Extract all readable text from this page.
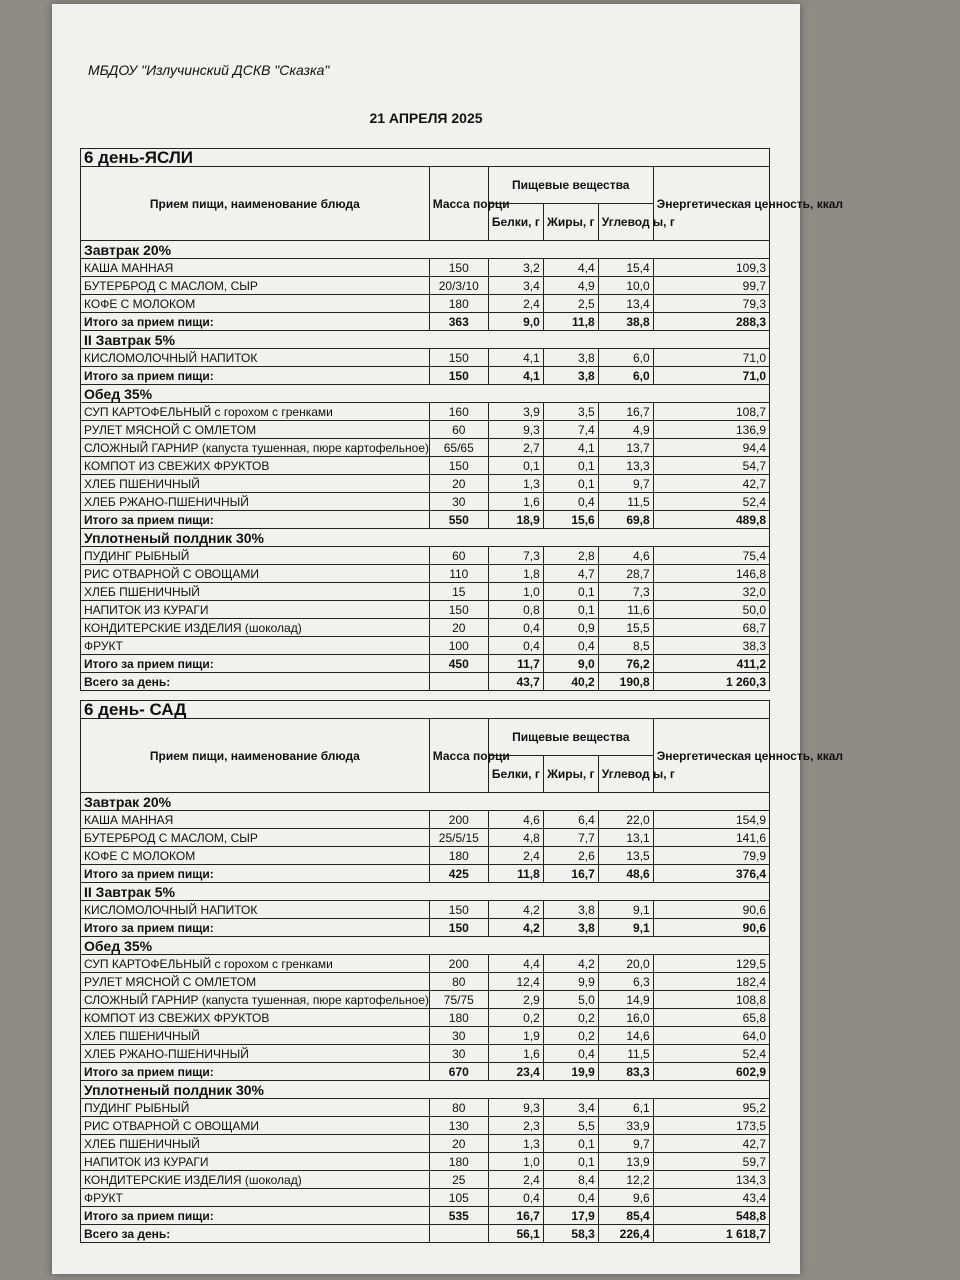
МБДОУ "Излучинский ДСКВ "Сказка"
21 АПРЕЛЯ 2025
6 день-ЯСЛИ					
Прием пищи, наименование блюда	Масса порци	Пищевые вещества			Энергетическая ценность, ккал
		Белки, г	Жиры, г	Углевод ы, г	
Завтрак 20%					
КАША МАННАЯ	150	3,2	4,4	15,4	109,3
БУТЕРБРОД С МАСЛОМ, СЫР	20/3/10	3,4	4,9	10,0	99,7
КОФЕ С МОЛОКОМ	180	2,4	2,5	13,4	79,3
Итого за прием пищи:	363	9,0	11,8	38,8	288,3
II Завтрак 5%					
КИСЛОМОЛОЧНЫЙ НАПИТОК	150	4,1	3,8	6,0	71,0
Итого за прием пищи:	150	4,1	3,8	6,0	71,0
Обед 35%					
СУП КАРТОФЕЛЬНЫЙ с горохом с гренками	160	3,9	3,5	16,7	108,7
РУЛЕТ МЯСНОЙ С ОМЛЕТОМ	60	9,3	7,4	4,9	136,9
СЛОЖНЫЙ ГАРНИР (капуста тушенная, пюре картофельное)	65/65	2,7	4,1	13,7	94,4
КОМПОТ ИЗ СВЕЖИХ ФРУКТОВ	150	0,1	0,1	13,3	54,7
ХЛЕБ ПШЕНИЧНЫЙ	20	1,3	0,1	9,7	42,7
ХЛЕБ РЖАНО-ПШЕНИЧНЫЙ	30	1,6	0,4	11,5	52,4
Итого за прием пищи:	550	18,9	15,6	69,8	489,8
Уплотненый полдник 30%					
ПУДИНГ РЫБНЫЙ	60	7,3	2,8	4,6	75,4
РИС ОТВАРНОЙ С ОВОЩАМИ	110	1,8	4,7	28,7	146,8
ХЛЕБ ПШЕНИЧНЫЙ	15	1,0	0,1	7,3	32,0
НАПИТОК ИЗ КУРАГИ	150	0,8	0,1	11,6	50,0
КОНДИТЕРСКИЕ ИЗДЕЛИЯ (шоколад)	20	0,4	0,9	15,5	68,7
ФРУКТ	100	0,4	0,4	8,5	38,3
Итого за прием пищи:	450	11,7	9,0	76,2	411,2
Всего за день:		43,7	40,2	190,8	1 260,3
6 день- САД					
Прием пищи, наименование блюда	Масса порци	Пищевые вещества			Энергетическая ценность, ккал
		Белки, г	Жиры, г	Углевод ы, г	
Завтрак 20%					
КАША МАННАЯ	200	4,6	6,4	22,0	154,9
БУТЕРБРОД С МАСЛОМ, СЫР	25/5/15	4,8	7,7	13,1	141,6
КОФЕ С МОЛОКОМ	180	2,4	2,6	13,5	79,9
Итого за прием пищи:	425	11,8	16,7	48,6	376,4
II Завтрак 5%					
КИСЛОМОЛОЧНЫЙ НАПИТОК	150	4,2	3,8	9,1	90,6
Итого за прием пищи:	150	4,2	3,8	9,1	90,6
Обед 35%					
СУП КАРТОФЕЛЬНЫЙ с горохом с гренками	200	4,4	4,2	20,0	129,5
РУЛЕТ МЯСНОЙ С ОМЛЕТОМ	80	12,4	9,9	6,3	182,4
СЛОЖНЫЙ ГАРНИР (капуста тушенная, пюре картофельное)	75/75	2,9	5,0	14,9	108,8
КОМПОТ ИЗ СВЕЖИХ ФРУКТОВ	180	0,2	0,2	16,0	65,8
ХЛЕБ ПШЕНИЧНЫЙ	30	1,9	0,2	14,6	64,0
ХЛЕБ РЖАНО-ПШЕНИЧНЫЙ	30	1,6	0,4	11,5	52,4
Итого за прием пищи:	670	23,4	19,9	83,3	602,9
Уплотненый полдник 30%					
ПУДИНГ РЫБНЫЙ	80	9,3	3,4	6,1	95,2
РИС ОТВАРНОЙ С ОВОЩАМИ	130	2,3	5,5	33,9	173,5
ХЛЕБ ПШЕНИЧНЫЙ	20	1,3	0,1	9,7	42,7
НАПИТОК ИЗ КУРАГИ	180	1,0	0,1	13,9	59,7
КОНДИТЕРСКИЕ ИЗДЕЛИЯ (шоколад)	25	2,4	8,4	12,2	134,3
ФРУКТ	105	0,4	0,4	9,6	43,4
Итого за прием пищи:	535	16,7	17,9	85,4	548,8
Всего за день:		56,1	58,3	226,4	1 618,7
